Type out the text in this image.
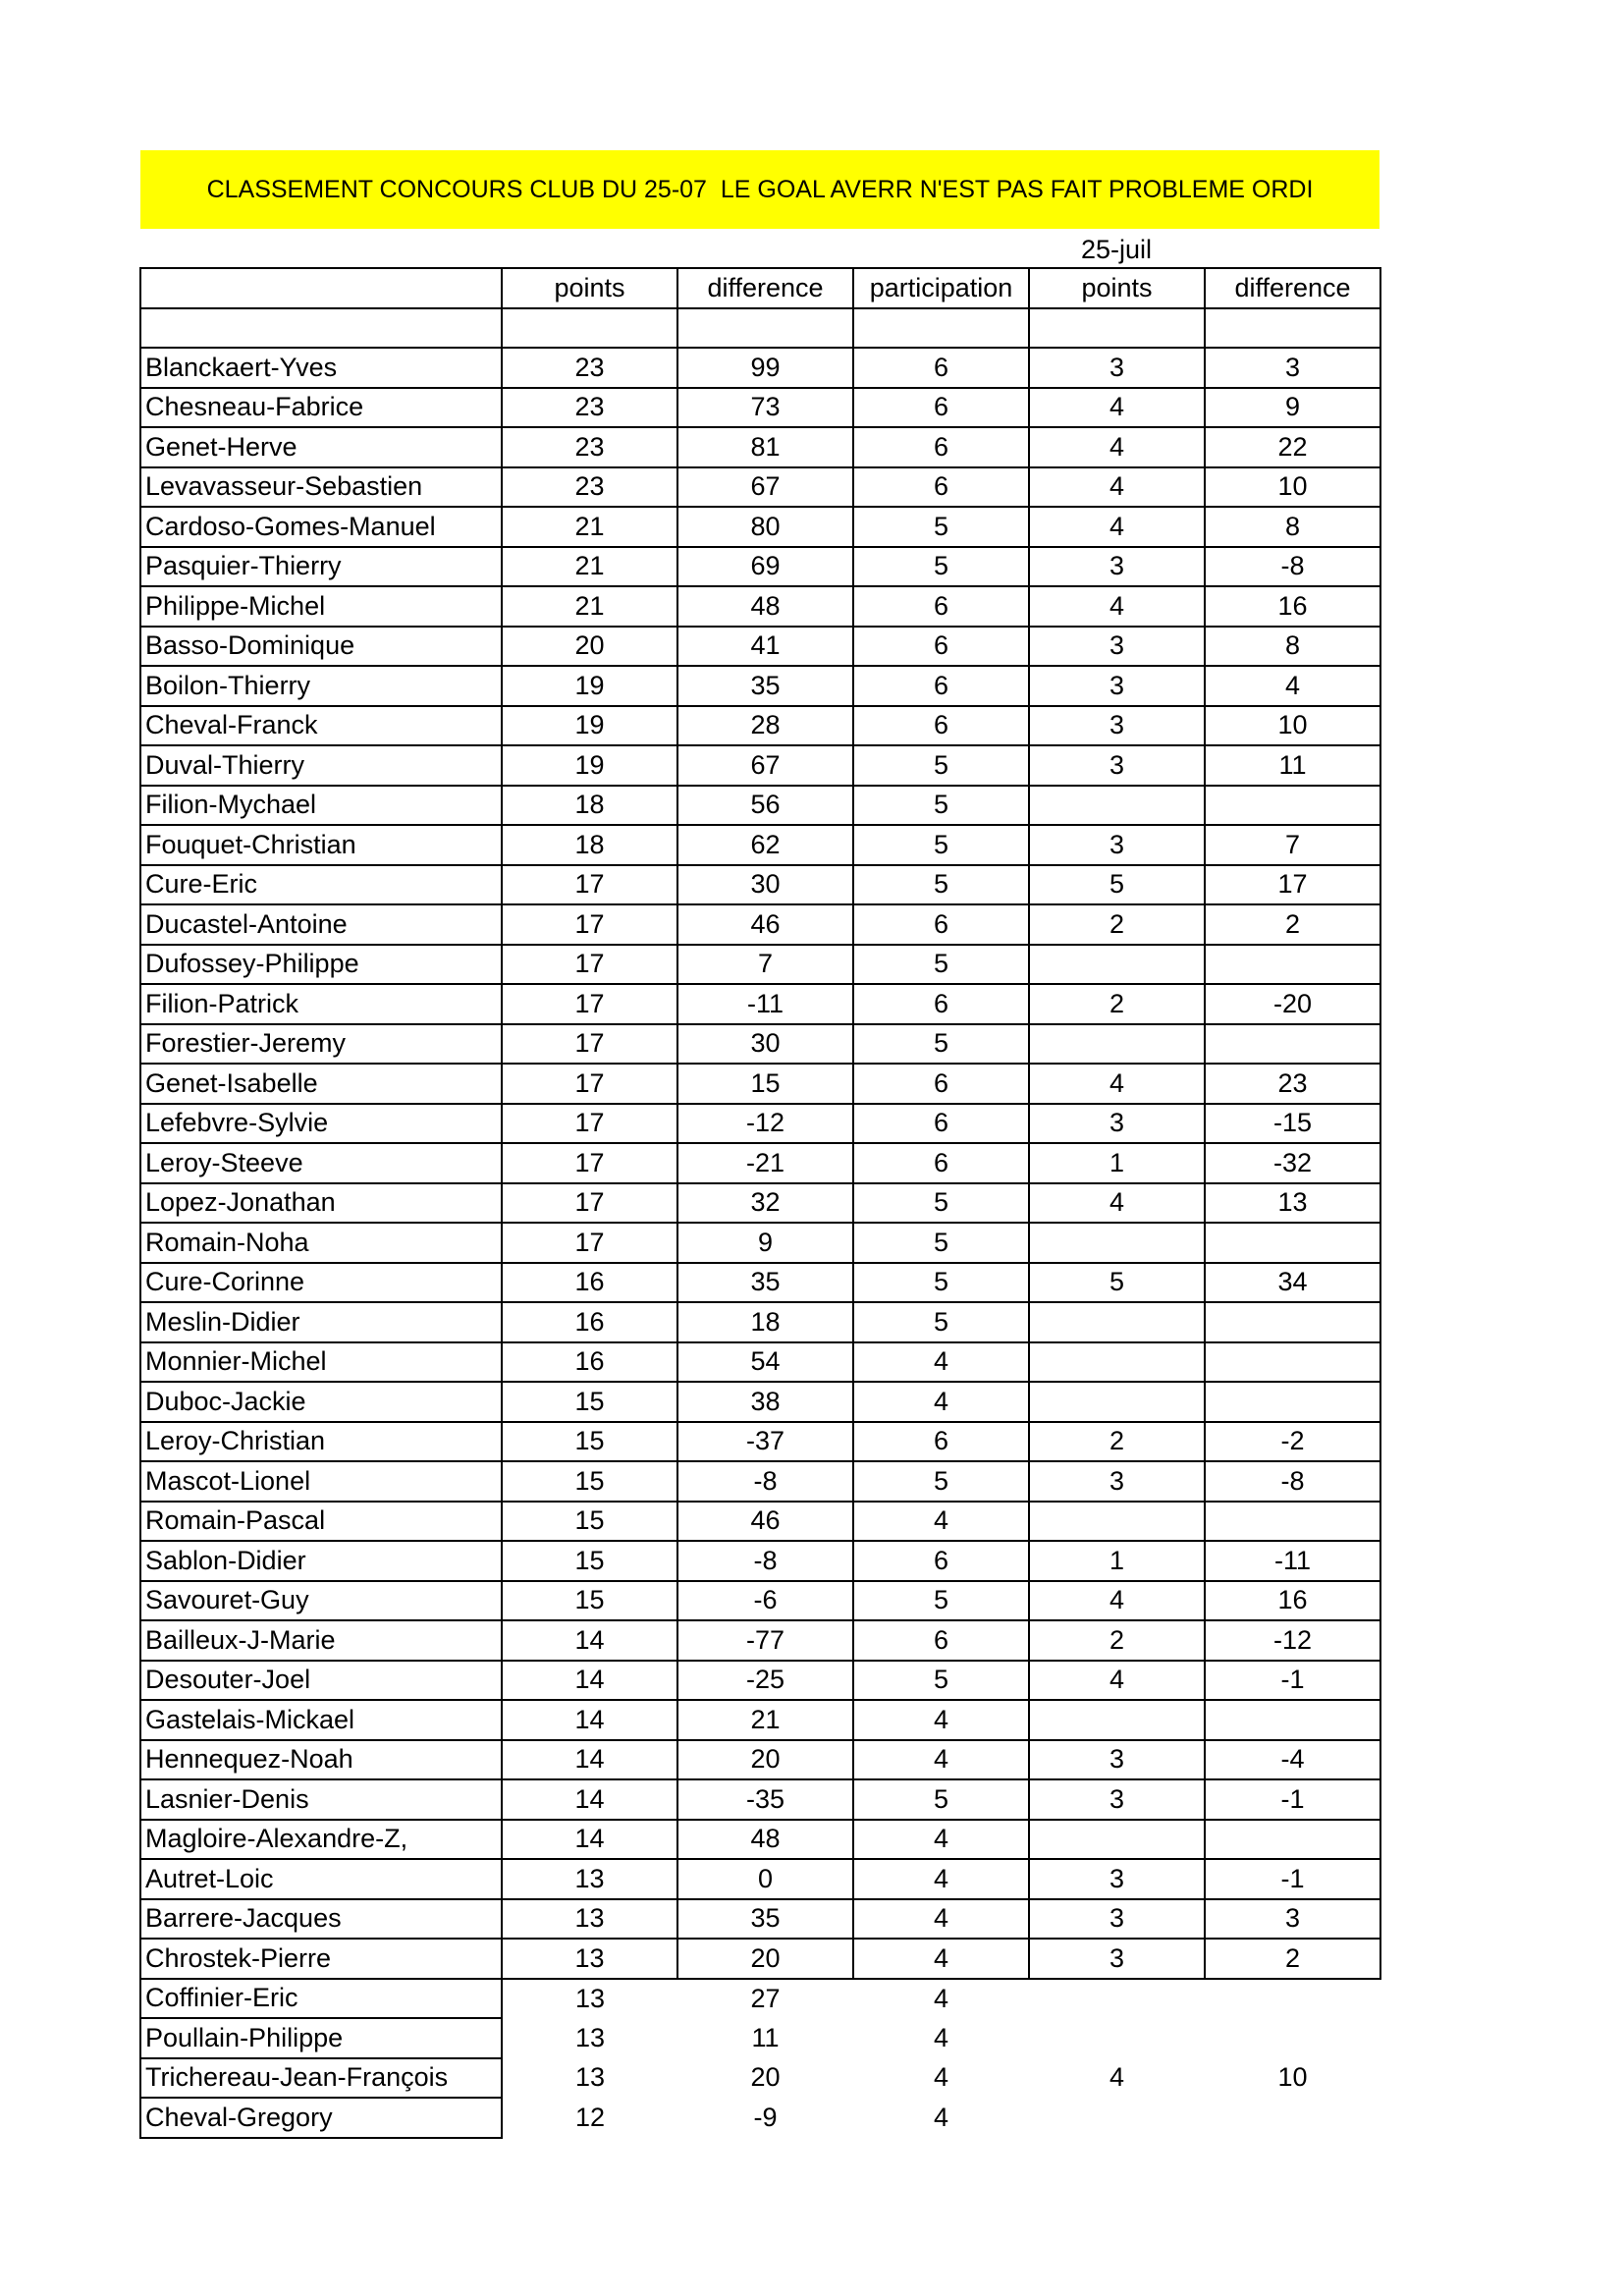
CLASSEMENT CONCOURS CLUB DU 25-07  LE GOAL AVERR N'EST PAS FAIT PROBLEME ORDI
25-juil
	points	difference	participation	points	difference

Blanckaert-Yves	23	99	6	3	3
Chesneau-Fabrice	23	73	6	4	9
Genet-Herve	23	81	6	4	22
Levavasseur-Sebastien	23	67	6	4	10
Cardoso-Gomes-Manuel	21	80	5	4	8
Pasquier-Thierry	21	69	5	3	-8
Philippe-Michel	21	48	6	4	16
Basso-Dominique	20	41	6	3	8
Boilon-Thierry	19	35	6	3	4
Cheval-Franck	19	28	6	3	10
Duval-Thierry	19	67	5	3	11
Filion-Mychael	18	56	5		
Fouquet-Christian	18	62	5	3	7
Cure-Eric	17	30	5	5	17
Ducastel-Antoine	17	46	6	2	2
Dufossey-Philippe	17	7	5		
Filion-Patrick	17	-11	6	2	-20
Forestier-Jeremy	17	30	5		
Genet-Isabelle	17	15	6	4	23
Lefebvre-Sylvie	17	-12	6	3	-15
Leroy-Steeve	17	-21	6	1	-32
Lopez-Jonathan	17	32	5	4	13
Romain-Noha	17	9	5		
Cure-Corinne	16	35	5	5	34
Meslin-Didier	16	18	5		
Monnier-Michel	16	54	4		
Duboc-Jackie	15	38	4		
Leroy-Christian	15	-37	6	2	-2
Mascot-Lionel	15	-8	5	3	-8
Romain-Pascal	15	46	4		
Sablon-Didier	15	-8	6	1	-11
Savouret-Guy	15	-6	5	4	16
Bailleux-J-Marie	14	-77	6	2	-12
Desouter-Joel	14	-25	5	4	-1
Gastelais-Mickael	14	21	4		
Hennequez-Noah	14	20	4	3	-4
Lasnier-Denis	14	-35	5	3	-1
Magloire-Alexandre-Z,	14	48	4		
Autret-Loic	13	0	4	3	-1
Barrere-Jacques	13	35	4	3	3
Chrostek-Pierre	13	20	4	3	2
Coffinier-Eric	13	27	4		
Poullain-Philippe	13	11	4		
Trichereau-Jean-François	13	20	4	4	10
Cheval-Gregory	12	-9	4		
